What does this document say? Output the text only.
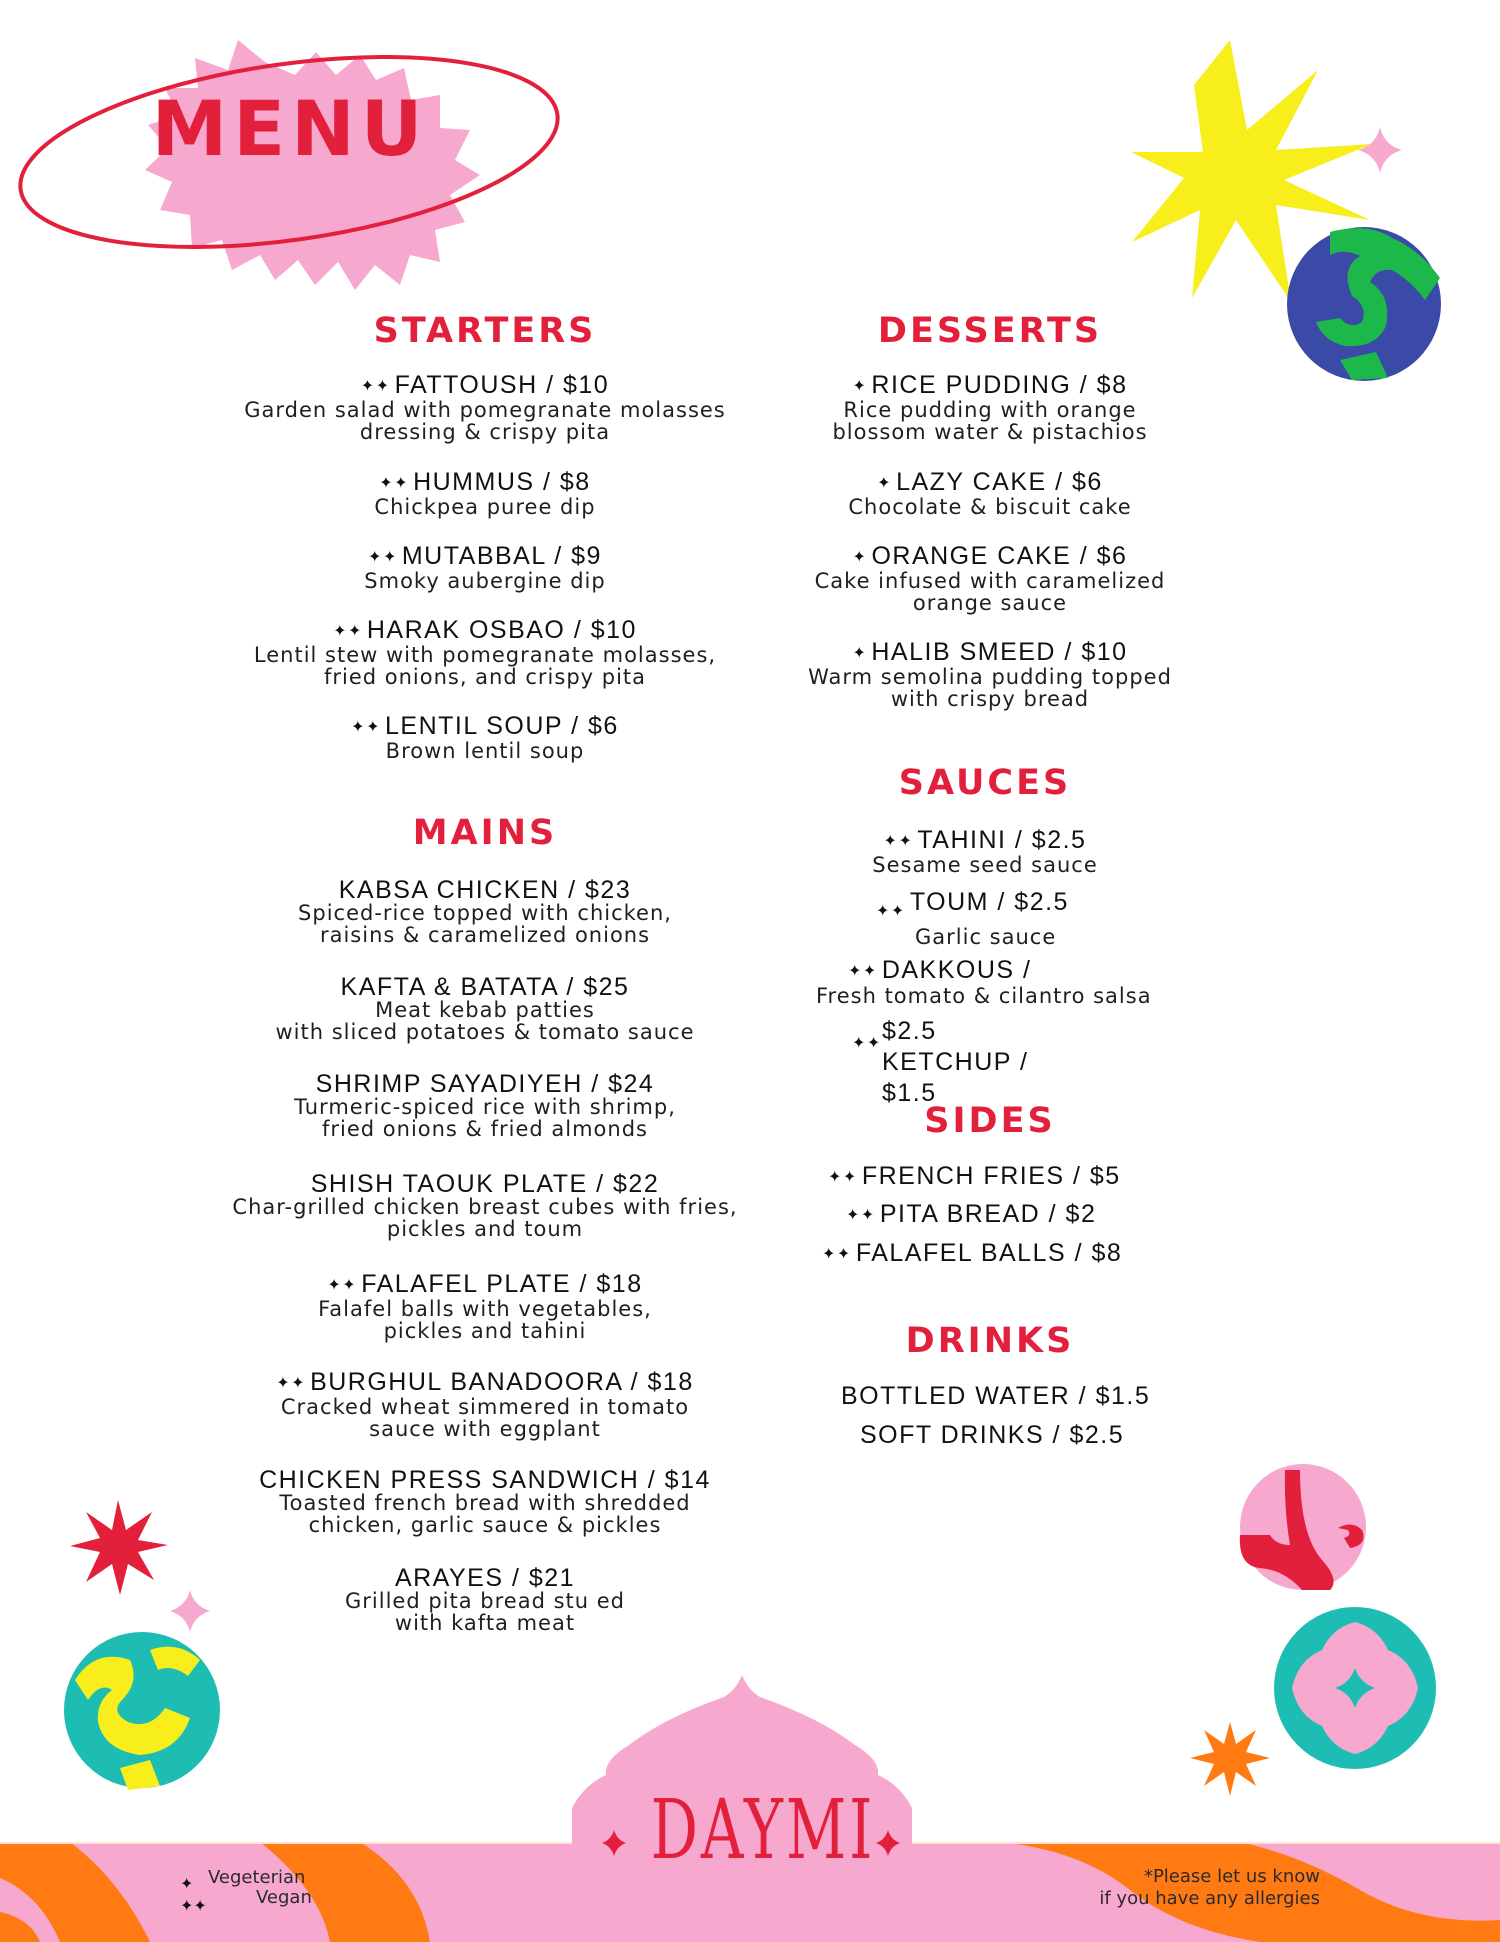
MENU
STARTERS
✦✦ FATTOUSH / $10
Garden salad with pomegranate molasses
dressing & crispy pita
✦✦ HUMMUS / $8
Chickpea puree dip
✦✦ MUTABBAL / $9
Smoky aubergine dip
✦✦ HARAK OSBAO / $10
Lentil stew with pomegranate molasses,
fried onions, and crispy pita
✦✦ LENTIL SOUP / $6
Brown lentil soup
MAINS
KABSA CHICKEN / $23
Spiced-rice topped with chicken,
raisins & caramelized onions
KAFTA & BATATA / $25
Meat kebab patties
with sliced potatoes & tomato sauce
SHRIMP SAYADIYEH / $24
Turmeric-spiced rice with shrimp,
fried onions & fried almonds
SHISH TAOUK PLATE / $22
Char-grilled chicken breast cubes with fries,
pickles and toum
✦✦ FALAFEL PLATE / $18
Falafel balls with vegetables,
pickles and tahini
✦✦ BURGHUL BANADOORA / $18
Cracked wheat simmered in tomato
sauce with eggplant
CHICKEN PRESS SANDWICH / $14
Toasted french bread with shredded
chicken, garlic sauce & pickles
ARAYES / $21
Grilled pita bread stu ed
with kafta meat
DESSERTS
✦ RICE PUDDING / $8
Rice pudding with orange
blossom water & pistachios
✦ LAZY CAKE / $6
Chocolate & biscuit cake
✦ ORANGE CAKE / $6
Cake infused with caramelized
orange sauce
✦ HALIB SMEED / $10
Warm semolina pudding topped
with crispy bread
SAUCES
✦✦ TAHINI / $2.5
Sesame seed sauce
$_{✦✦}$ TOUM / $2.5
Garlic sauce
✦✦ DAKKOUS /
Fresh tomato & cilantro salsa
✦✦ $2.5
KETCHUP /
$1.5
SIDES
✦✦ FRENCH FRIES / $5
✦✦ PITA BREAD / $2
✦✦ FALAFEL BALLS / $8
DRINKS
BOTTLED WATER / $1.5
SOFT DRINKS / $2.5
DAYMI
✦
✦✦
Vegeterian
Vegan
*Please let us know
if you have any allergies
